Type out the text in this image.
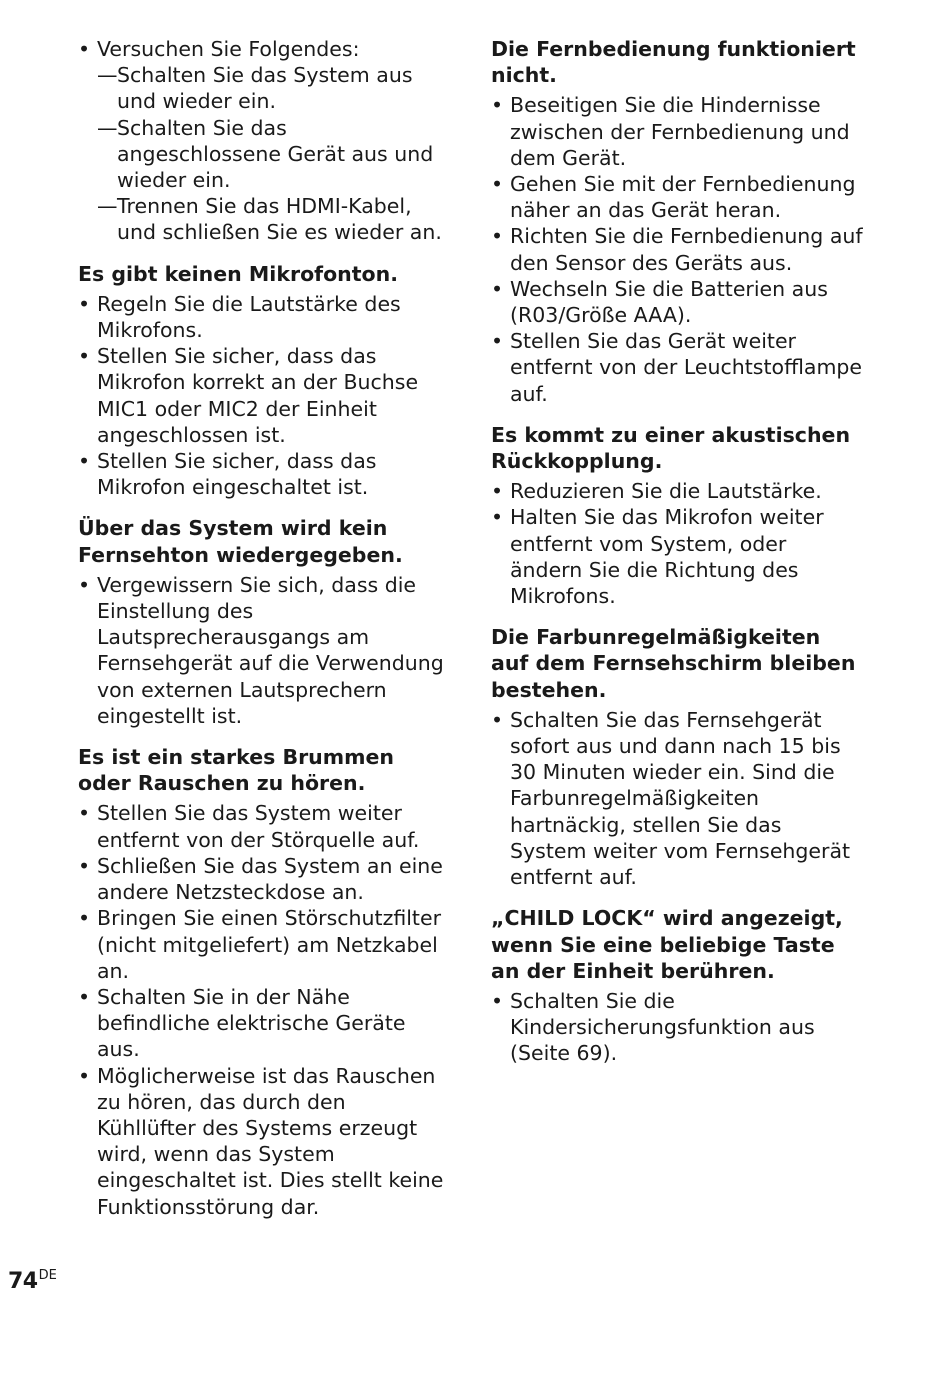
• Versuchen Sie Folgendes:
— Schalten Sie das System aus und wieder ein.
— Schalten Sie das angeschlossene Gerät aus und wieder ein.
— Trennen Sie das HDMI-Kabel, und schließen Sie es wieder an.
Es gibt keinen Mikrofonton.
• Regeln Sie die Lautstärke des Mikrofons.
• Stellen Sie sicher, dass das Mikrofon korrekt an der Buchse MIC1 oder MIC2 der Einheit angeschlossen ist.
• Stellen Sie sicher, dass das Mikrofon eingeschaltet ist.
Über das System wird kein Fernsehton wiedergegeben.
• Vergewissern Sie sich, dass die Einstellung des Lautsprecherausgangs am Fernsehgerät auf die Verwendung von externen Lautsprechern eingestellt ist.
Es ist ein starkes Brummen oder Rauschen zu hören.
• Stellen Sie das System weiter entfernt von der Störquelle auf.
• Schließen Sie das System an eine andere Netzsteckdose an.
• Bringen Sie einen Störschutzfilter (nicht mitgeliefert) am Netzkabel an.
• Schalten Sie in der Nähe befindliche elektrische Geräte aus.
• Möglicherweise ist das Rauschen zu hören, das durch den Kühllüfter des Systems erzeugt wird, wenn das System eingeschaltet ist. Dies stellt keine Funktionsstörung dar.
Die Fernbedienung funktioniert nicht.
• Beseitigen Sie die Hindernisse zwischen der Fernbedienung und dem Gerät.
• Gehen Sie mit der Fernbedienung näher an das Gerät heran.
• Richten Sie die Fernbedienung auf den Sensor des Geräts aus.
• Wechseln Sie die Batterien aus (R03/Größe AAA).
• Stellen Sie das Gerät weiter entfernt von der Leuchtstofflampe auf.
Es kommt zu einer akustischen Rückkopplung.
• Reduzieren Sie die Lautstärke.
• Halten Sie das Mikrofon weiter entfernt vom System, oder ändern Sie die Richtung des Mikrofons.
Die Farbunregelmäßigkeiten auf dem Fernsehschirm bleiben bestehen.
• Schalten Sie das Fernsehgerät sofort aus und dann nach 15 bis 30 Minuten wieder ein. Sind die Farbunregelmäßigkeiten hartnäckig, stellen Sie das System weiter vom Fernsehgerät entfernt auf.
„CHILD LOCK“ wird angezeigt, wenn Sie eine beliebige Taste an der Einheit berühren.
• Schalten Sie die Kindersicherungsfunktion aus (Seite 69).
74DE
